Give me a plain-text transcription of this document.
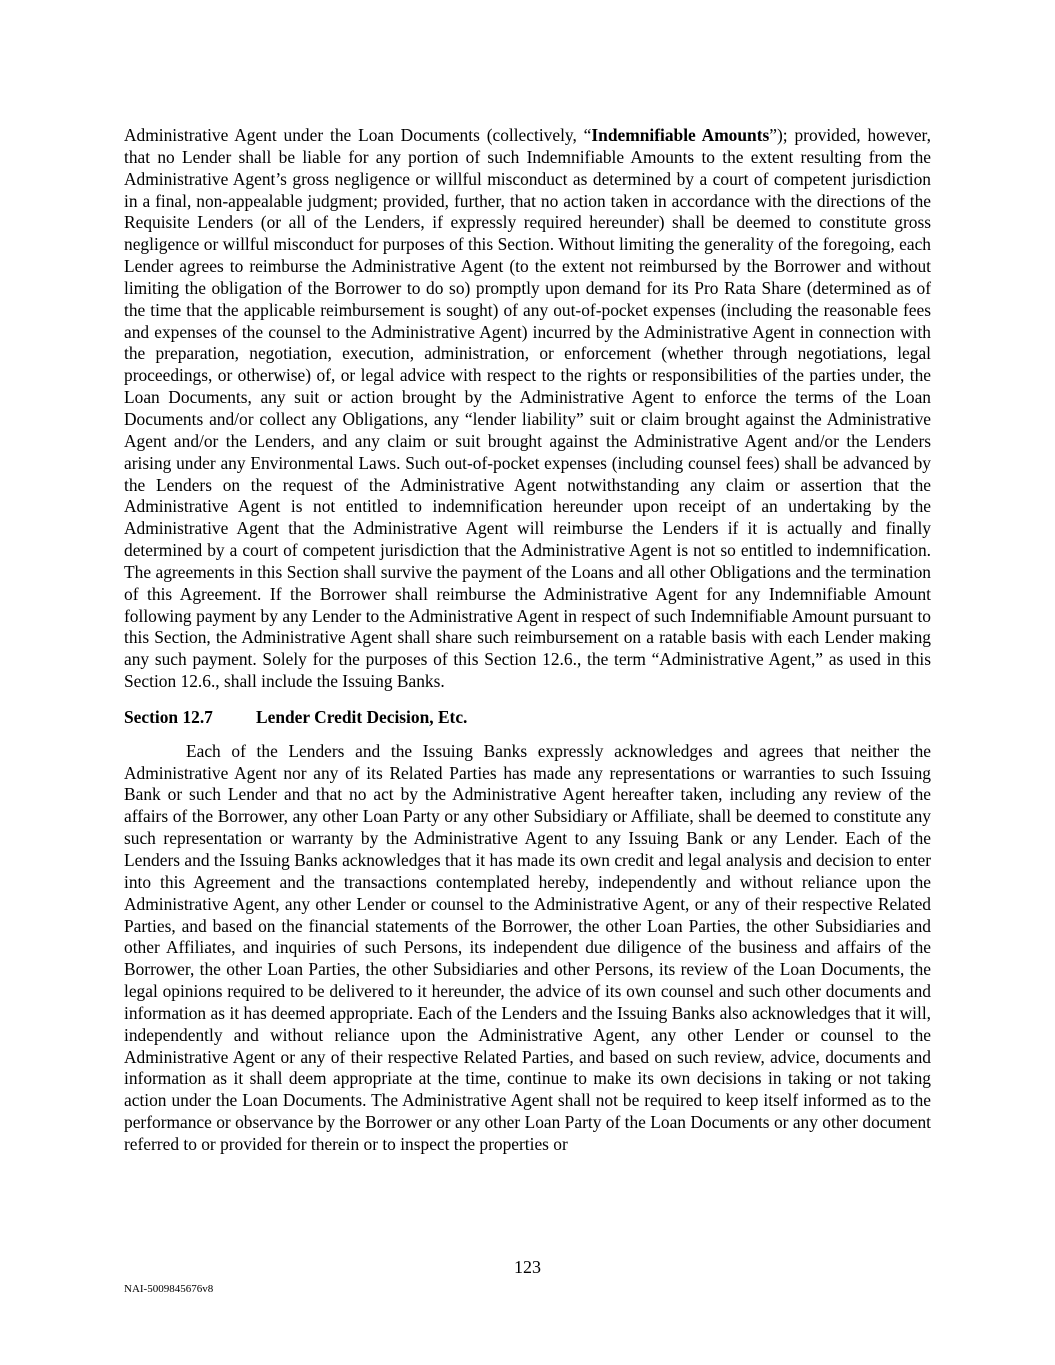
Administrative Agent under the Loan Documents (collectively, “Indemnifiable Amounts”); provided, however, that no Lender shall be liable for any portion of such Indemnifiable Amounts to the extent resulting from the Administrative Agent’s gross negligence or willful misconduct as determined by a court of competent jurisdiction in a final, non-appealable judgment; provided, further, that no action taken in accordance with the directions of the Requisite Lenders (or all of the Lenders, if expressly required hereunder) shall be deemed to constitute gross negligence or willful misconduct for purposes of this Section. Without limiting the generality of the foregoing, each Lender agrees to reimburse the Administrative Agent (to the extent not reimbursed by the Borrower and without limiting the obligation of the Borrower to do so) promptly upon demand for its Pro Rata Share (determined as of the time that the applicable reimbursement is sought) of any out-of-pocket expenses (including the reasonable fees and expenses of the counsel to the Administrative Agent) incurred by the Administrative Agent in connection with the preparation, negotiation, execution, administration, or enforcement (whether through negotiations, legal proceedings, or otherwise) of, or legal advice with respect to the rights or responsibilities of the parties under, the Loan Documents, any suit or action brought by the Administrative Agent to enforce the terms of the Loan Documents and/or collect any Obligations, any “lender liability” suit or claim brought against the Administrative Agent and/or the Lenders, and any claim or suit brought against the Administrative Agent and/or the Lenders arising under any Environmental Laws. Such out-of-pocket expenses (including counsel fees) shall be advanced by the Lenders on the request of the Administrative Agent notwithstanding any claim or assertion that the Administrative Agent is not entitled to indemnification hereunder upon receipt of an undertaking by the Administrative Agent that the Administrative Agent will reimburse the Lenders if it is actually and finally determined by a court of competent jurisdiction that the Administrative Agent is not so entitled to indemnification. The agreements in this Section shall survive the payment of the Loans and all other Obligations and the termination of this Agreement. If the Borrower shall reimburse the Administrative Agent for any Indemnifiable Amount following payment by any Lender to the Administrative Agent in respect of such Indemnifiable Amount pursuant to this Section, the Administrative Agent shall share such reimbursement on a ratable basis with each Lender making any such payment. Solely for the purposes of this Section 12.6., the term “Administrative Agent,” as used in this Section 12.6., shall include the Issuing Banks.

Section 12.7 Lender Credit Decision, Etc.

Each of the Lenders and the Issuing Banks expressly acknowledges and agrees that neither the Administrative Agent nor any of its Related Parties has made any representations or warranties to such Issuing Bank or such Lender and that no act by the Administrative Agent hereafter taken, including any review of the affairs of the Borrower, any other Loan Party or any other Subsidiary or Affiliate, shall be deemed to constitute any such representation or warranty by the Administrative Agent to any Issuing Bank or any Lender. Each of the Lenders and the Issuing Banks acknowledges that it has made its own credit and legal analysis and decision to enter into this Agreement and the transactions contemplated hereby, independently and without reliance upon the Administrative Agent, any other Lender or counsel to the Administrative Agent, or any of their respective Related Parties, and based on the financial statements of the Borrower, the other Loan Parties, the other Subsidiaries and other Affiliates, and inquiries of such Persons, its independent due diligence of the business and affairs of the Borrower, the other Loan Parties, the other Subsidiaries and other Persons, its review of the Loan Documents, the legal opinions required to be delivered to it hereunder, the advice of its own counsel and such other documents and information as it has deemed appropriate. Each of the Lenders and the Issuing Banks also acknowledges that it will, independently and without reliance upon the Administrative Agent, any other Lender or counsel to the Administrative Agent or any of their respective Related Parties, and based on such review, advice, documents and information as it shall deem appropriate at the time, continue to make its own decisions in taking or not taking action under the Loan Documents. The Administrative Agent shall not be required to keep itself informed as to the performance or observance by the Borrower or any other Loan Party of the Loan Documents or any other document referred to or provided for therein or to inspect the properties or

123
NAI-5009845676v8
